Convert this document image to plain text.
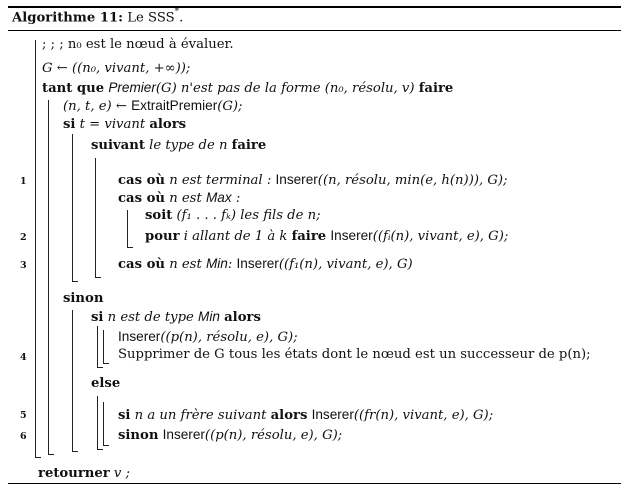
Algorithme 11: Le SSS*.
1
2
3
4
5
6
; ; ; n₀ est le nœud à évaluer.
G ← ((n₀, vivant, +∞));
tant que Premier(G) n'est pas de la forme (n₀, résolu, v) faire
(n, t, e) ← ExtraitPremier(G);
si t = vivant alors
suivant le type de n faire
cas où n est terminal : Inserer((n, résolu, min(e, h(n))), G);
cas où n est Max :
soit (f₁ . . . fₖ) les fils de n;
pour i allant de 1 à k faire Inserer((fᵢ(n), vivant, e), G);
cas où n est Min: Inserer((f₁(n), vivant, e), G)
sinon
si n est de type Min alors
Inserer((p(n), résolu, e), G);
Supprimer de G tous les états dont le nœud est un successeur de p(n);
else
si n a un frère suivant alors Inserer((fr(n), vivant, e), G);
sinon Inserer((p(n), résolu, e), G);
retourner v ;
